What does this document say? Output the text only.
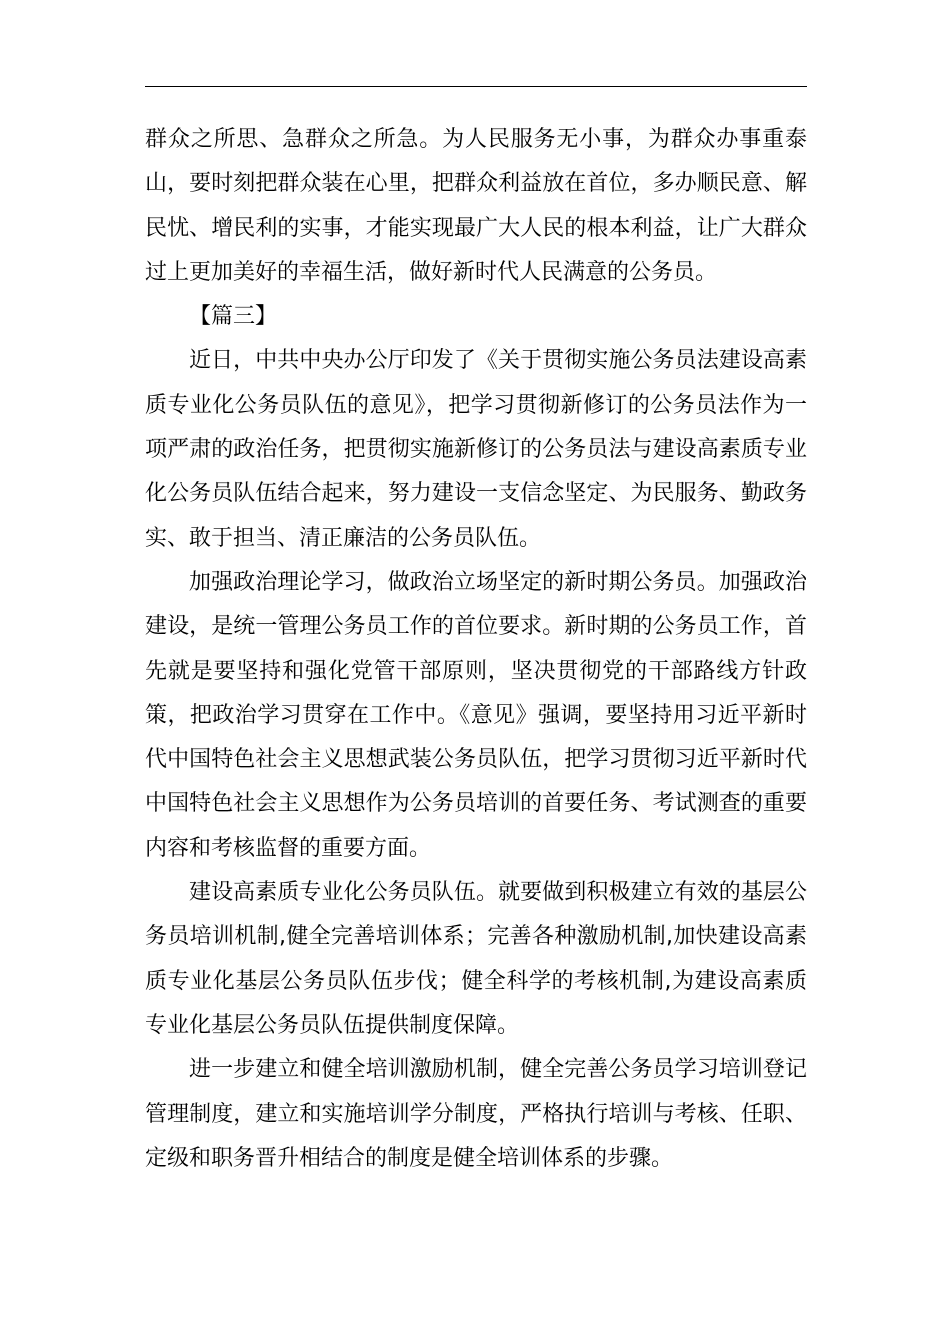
群众之所思、急群众之所急。为人民服务无小事，为群众办事重泰山，要时刻把群众装在心里，把群众利益放在首位，多办顺民意、解民忧、增民利的实事，才能实现最广大人民的根本利益，让广大群众过上更加美好的幸福生活，做好新时代人民满意的公务员。

【篇三】

近日，中共中央办公厅印发了《关于贯彻实施公务员法建设高素质专业化公务员队伍的意见》，把学习贯彻新修订的公务员法作为一项严肃的政治任务，把贯彻实施新修订的公务员法与建设高素质专业化公务员队伍结合起来，努力建设一支信念坚定、为民服务、勤政务实、敢于担当、清正廉洁的公务员队伍。

加强政治理论学习，做政治立场坚定的新时期公务员。加强政治建设，是统一管理公务员工作的首位要求。新时期的公务员工作，首先就是要坚持和强化党管干部原则，坚决贯彻党的干部路线方针政策，把政治学习贯穿在工作中。《意见》强调，要坚持用习近平新时代中国特色社会主义思想武装公务员队伍，把学习贯彻习近平新时代中国特色社会主义思想作为公务员培训的首要任务、考试测查的重要内容和考核监督的重要方面。

建设高素质专业化公务员队伍。就要做到积极建立有效的基层公务员培训机制,健全完善培训体系；完善各种激励机制,加快建设高素质专业化基层公务员队伍步伐；健全科学的考核机制,为建设高素质专业化基层公务员队伍提供制度保障。

进一步建立和健全培训激励机制，健全完善公务员学习培训登记管理制度，建立和实施培训学分制度，严格执行培训与考核、任职、定级和职务晋升相结合的制度是健全培训体系的步骤。
